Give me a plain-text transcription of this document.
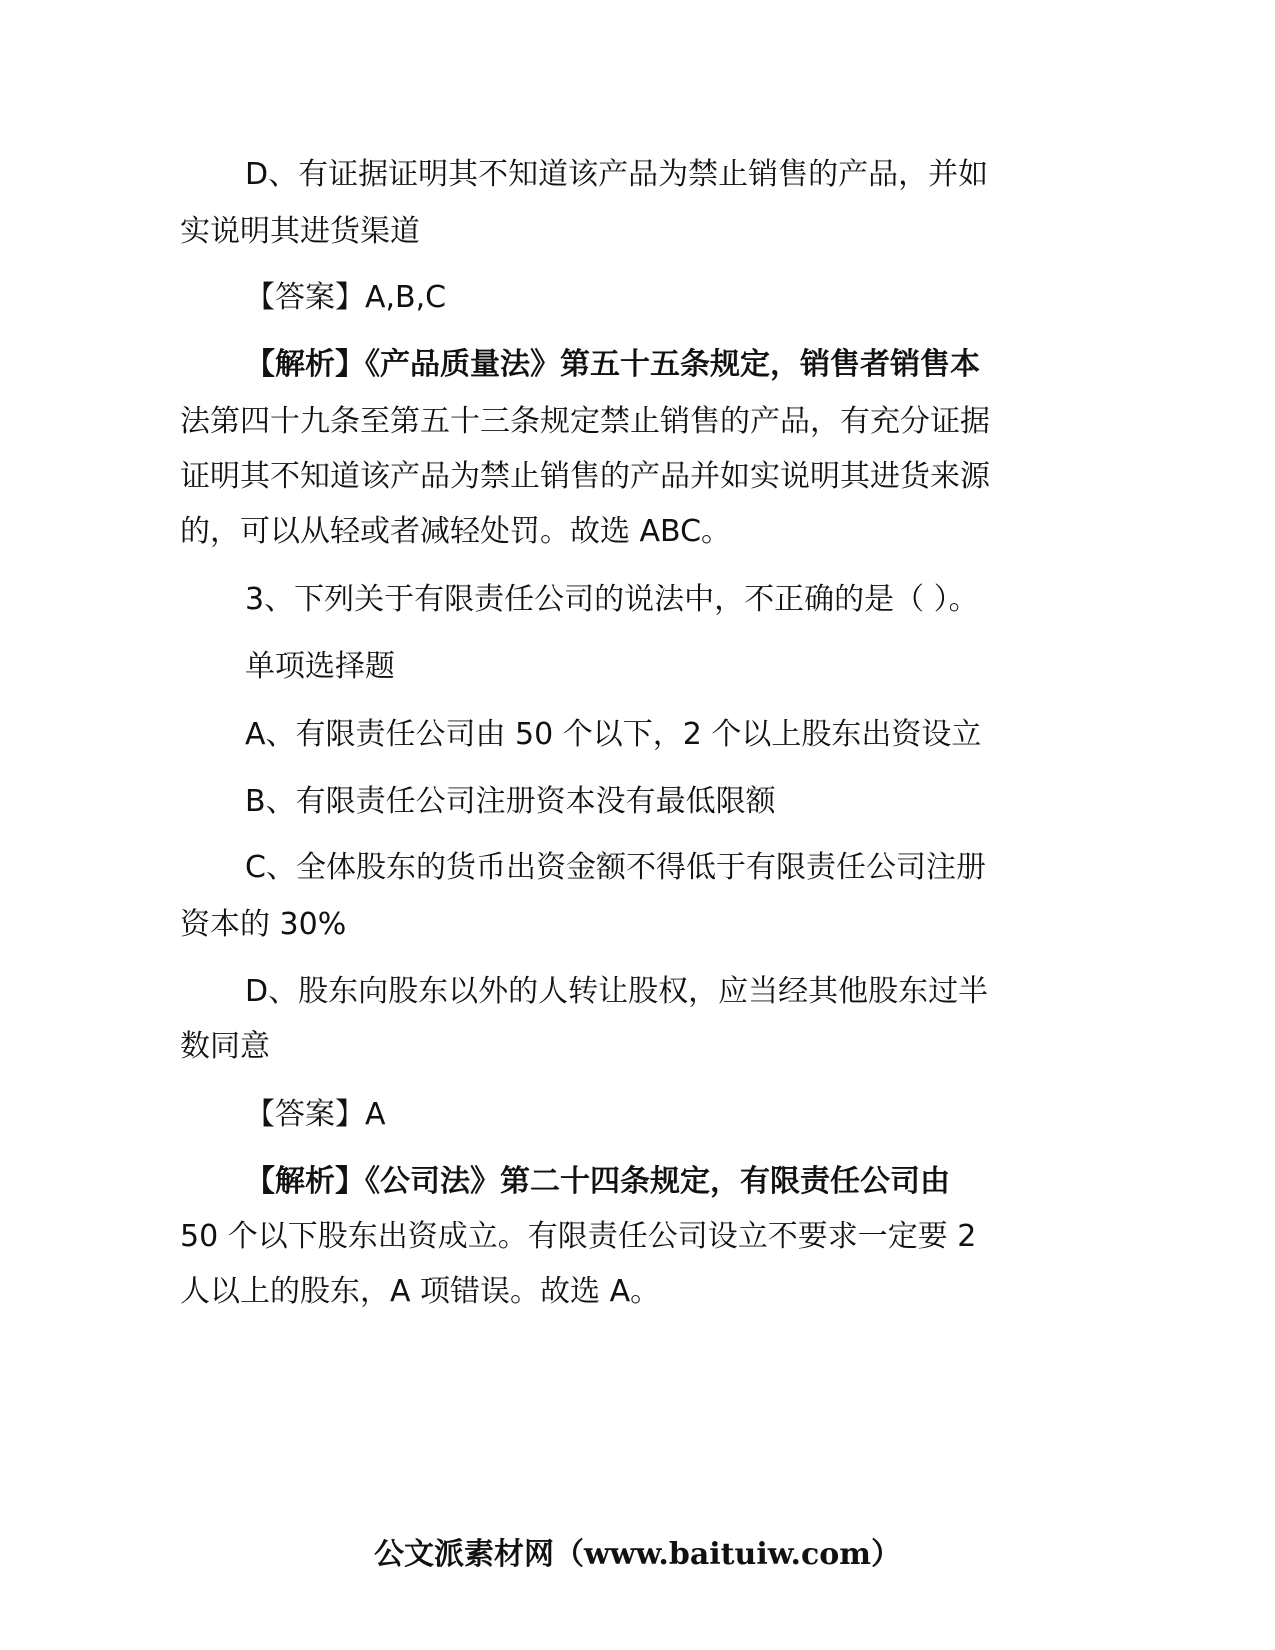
D、有证据证明其不知道该产品为禁止销售的产品，并如
实说明其进货渠道
【答案】A,B,C
【解析】《产品质量法》第五十五条规定，销售者销售本
法第四十九条至第五十三条规定禁止销售的产品，有充分证据
证明其不知道该产品为禁止销售的产品并如实说明其进货来源
的，可以从轻或者减轻处罚。故选 ABC。
3、下列关于有限责任公司的说法中，不正确的是（ ）。
单项选择题
A、有限责任公司由 50 个以下，2 个以上股东出资设立
B、有限责任公司注册资本没有最低限额
C、全体股东的货币出资金额不得低于有限责任公司注册
资本的 30%
D、股东向股东以外的人转让股权，应当经其他股东过半
数同意
【答案】A
【解析】《公司法》第二十四条规定，有限责任公司由
50 个以下股东出资成立。有限责任公司设立不要求一定要 2
人以上的股东，A 项错误。故选 A。
公文派素材网（www.baituiw.com）
